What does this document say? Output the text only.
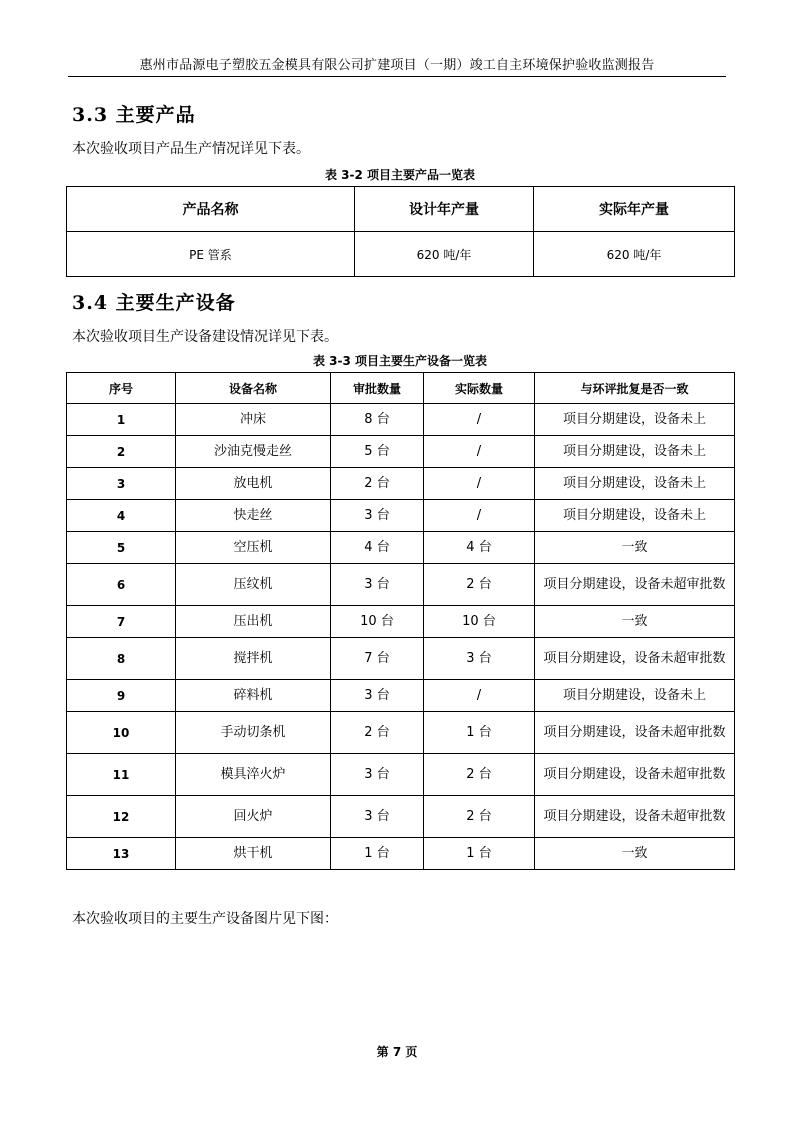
惠州市品源电子塑胶五金模具有限公司扩建项目（一期）竣工自主环境保护验收监测报告
3.3 主要产品
本次验收项目产品生产情况详见下表。
表 3-2 项目主要产品一览表
产品名称	设计年产量	实际年产量
PE 管系	620 吨/年	620 吨/年
3.4 主要生产设备
本次验收项目生产设备建设情况详见下表。
表 3-3 项目主要生产设备一览表
序号	设备名称	审批数量	实际数量	与环评批复是否一致
1	冲床	8 台	/	项目分期建设，设备未上
2	沙油克慢走丝	5 台	/	项目分期建设，设备未上
3	放电机	2 台	/	项目分期建设，设备未上
4	快走丝	3 台	/	项目分期建设，设备未上
5	空压机	4 台	4 台	一致
6	压纹机	3 台	2 台	项目分期建设，设备未超审批数
7	压出机	10 台	10 台	一致
8	搅拌机	7 台	3 台	项目分期建设，设备未超审批数
9	碎料机	3 台	/	项目分期建设，设备未上
10	手动切条机	2 台	1 台	项目分期建设，设备未超审批数
11	模具淬火炉	3 台	2 台	项目分期建设，设备未超审批数
12	回火炉	3 台	2 台	项目分期建设，设备未超审批数
13	烘干机	1 台	1 台	一致
本次验收项目的主要生产设备图片见下图：
第 7 页
